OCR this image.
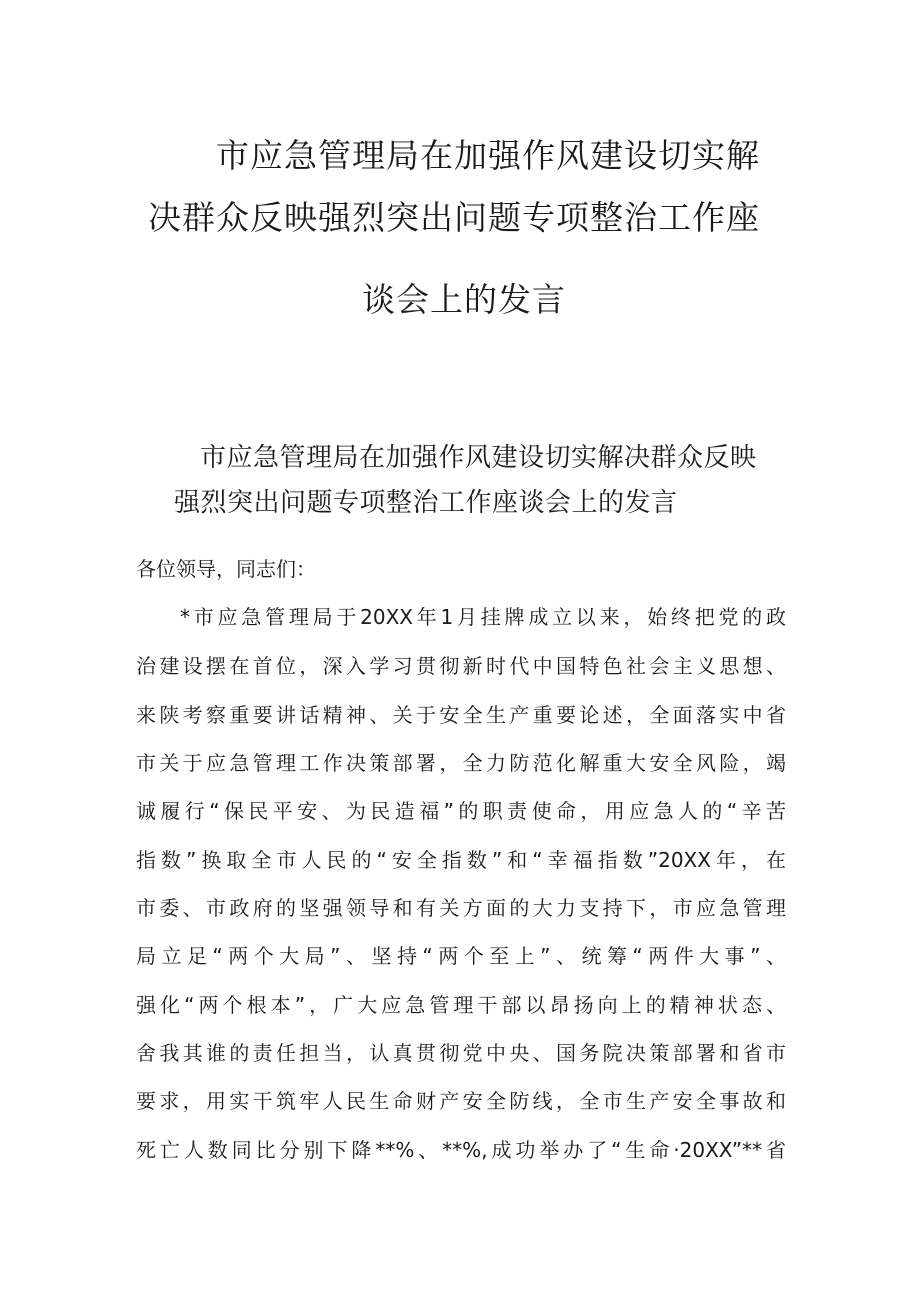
市应急管理局在加强作风建设切实解
决群众反映强烈突出问题专项整治工作座
谈会上的发言
市应急管理局在加强作风建设切实解决群众反映
强烈突出问题专项整治工作座谈会上的发言
各位领导，同志们：
*市应急管理局于20XX年1月挂牌成立以来，始终把党的政
治建设摆在首位，深入学习贯彻新时代中国特色社会主义思想、
来陕考察重要讲话精神、关于安全生产重要论述，全面落实中省
市关于应急管理工作决策部署，全力防范化解重大安全风险，竭
诚履行“保民平安、为民造福”的职责使命，用应急人的“辛苦
指数”换取全市人民的“安全指数”和“幸福指数”20XX年，在
市委、市政府的坚强领导和有关方面的大力支持下，市应急管理
局立足“两个大局”、坚持“两个至上”、统筹“两件大事”、
强化“两个根本”，广大应急管理干部以昂扬向上的精神状态、
舍我其谁的责任担当，认真贯彻党中央、国务院决策部署和省市
要求，用实干筑牢人民生命财产安全防线，全市生产安全事故和
死亡人数同比分别下降**%、**%,成功举办了“生命·20XX”**省
